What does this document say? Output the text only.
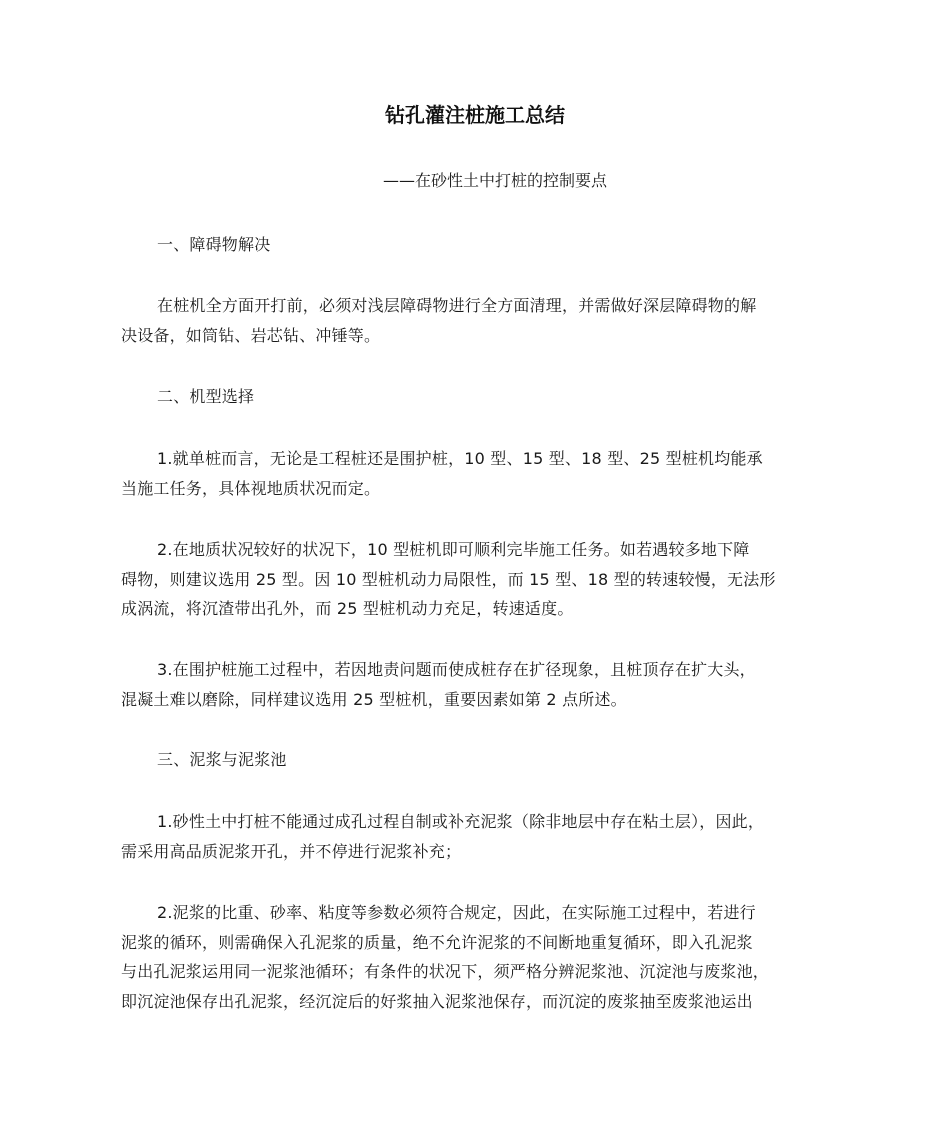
钻孔灌注桩施工总结
——在砂性土中打桩的控制要点
一、障碍物解决
在桩机全方面开打前，必须对浅层障碍物进行全方面清理，并需做好深层障碍物的解
决设备，如筒钻、岩芯钻、冲锤等。
二、机型选择
1.就单桩而言，无论是工程桩还是围护桩，10 型、15 型、18 型、25 型桩机均能承
当施工任务，具体视地质状况而定。
2.在地质状况较好的状况下，10 型桩机即可顺利完毕施工任务。如若遇较多地下障
碍物，则建议选用 25 型。因 10 型桩机动力局限性，而 15 型、18 型的转速较慢，无法形
成涡流，将沉渣带出孔外，而 25 型桩机动力充足，转速适度。
3.在围护桩施工过程中，若因地责问题而使成桩存在扩径现象，且桩顶存在扩大头，
混凝土难以磨除，同样建议选用 25 型桩机，重要因素如第 2 点所述。
三、泥浆与泥浆池
1.砂性土中打桩不能通过成孔过程自制或补充泥浆（除非地层中存在粘土层），因此，
需采用高品质泥浆开孔，并不停进行泥浆补充；
2.泥浆的比重、砂率、粘度等参数必须符合规定，因此，在实际施工过程中，若进行
泥浆的循环，则需确保入孔泥浆的质量，绝不允许泥浆的不间断地重复循环，即入孔泥浆
与出孔泥浆运用同一泥浆池循环；有条件的状况下，须严格分辨泥浆池、沉淀池与废浆池，
即沉淀池保存出孔泥浆，经沉淀后的好浆抽入泥浆池保存，而沉淀的废浆抽至废浆池运出
